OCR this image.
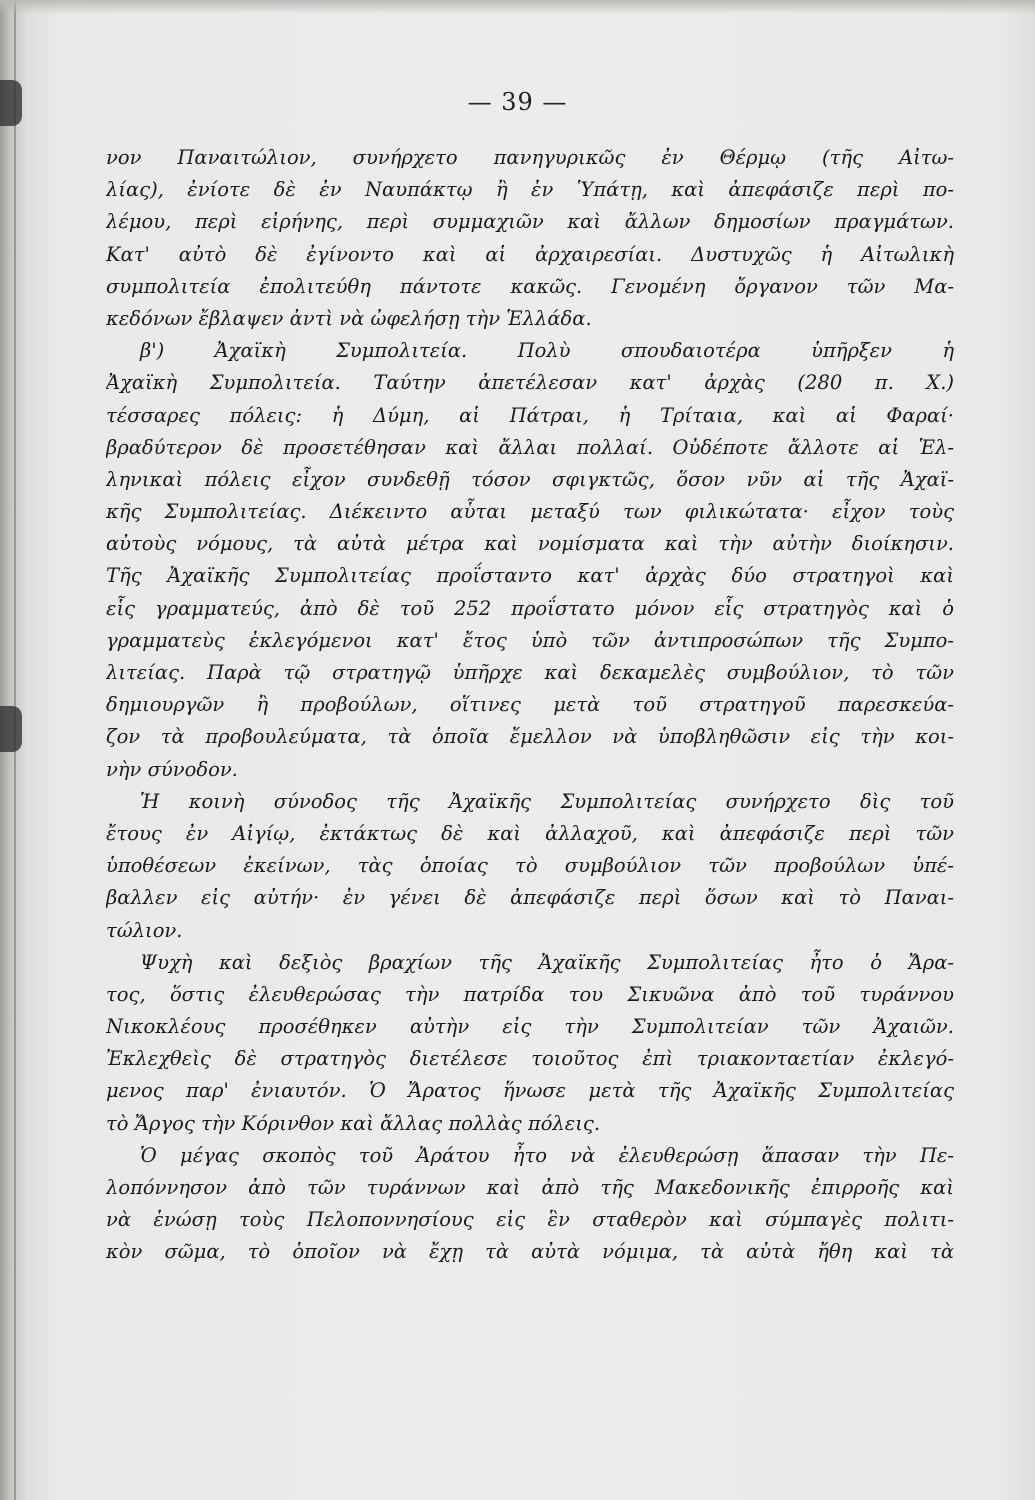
— 39 —
νον Παναιτώλιον, συνήρχετο πανηγυρικῶς ἐν Θέρμῳ (τῆς Αἰτω-
λίας), ἐνίοτε δὲ ἐν Ναυπάκτῳ ἢ ἐν Ὑπάτῃ, καὶ ἀπεφάσιζε περὶ πο-
λέμου, περὶ εἰρήνης, περὶ συμμαχιῶν καὶ ἄλλων δημοσίων πραγμάτων.
Κατ' αὐτὸ δὲ ἐγίνοντο καὶ αἱ ἀρχαιρεσίαι. Δυστυχῶς ἡ Αἰτωλικὴ
συμπολιτεία ἐπολιτεύθη πάντοτε κακῶς. Γενομένη ὄργανον τῶν Μα-
κεδόνων ἔβλαψεν ἀντὶ νὰ ὠφελήσῃ τὴν Ἑλλάδα.
β') Ἀχαϊκὴ Συμπολιτεία. Πολὺ σπουδαιοτέρα ὑπῆρξεν ἡ
Ἀχαϊκὴ Συμπολιτεία. Ταύτην ἀπετέλεσαν κατ' ἀρχὰς (280 π. Χ.)
τέσσαρες πόλεις: ἡ Δύμη, αἱ Πάτραι, ἡ Τρίταια, καὶ αἱ Φαραί·
βραδύτερον δὲ προσετέθησαν καὶ ἄλλαι πολλαί. Οὐδέποτε ἄλλοτε αἱ Ἑλ-
ληνικαὶ πόλεις εἶχον συνδεθῇ τόσον σφιγκτῶς, ὅσον νῦν αἱ τῆς Ἀχαϊ-
κῆς Συμπολιτείας. Διέκειντο αὗται μεταξύ των φιλικώτατα· εἶχον τοὺς
αὐτοὺς νόμους, τὰ αὐτὰ μέτρα καὶ νομίσματα καὶ τὴν αὐτὴν διοίκησιν.
Τῆς Ἀχαϊκῆς Συμπολιτείας προΐσταντο κατ' ἀρχὰς δύο στρατηγοὶ καὶ
εἷς γραμματεύς, ἀπὸ δὲ τοῦ 252 προΐστατο μόνον εἷς στρατηγὸς καὶ ὁ
γραμματεὺς ἐκλεγόμενοι κατ' ἔτος ὑπὸ τῶν ἀντιπροσώπων τῆς Συμπο-
λιτείας. Παρὰ τῷ στρατηγῷ ὑπῆρχε καὶ δεκαμελὲς συμβούλιον, τὸ τῶν
δημιουργῶν ἢ προβούλων, οἵτινες μετὰ τοῦ στρατηγοῦ παρεσκεύα-
ζον τὰ προβουλεύματα, τὰ ὁποῖα ἔμελλον νὰ ὑποβληθῶσιν εἰς τὴν κοι-
νὴν σύνοδον.
Ἡ κοινὴ σύνοδος τῆς Ἀχαϊκῆς Συμπολιτείας συνήρχετο δὶς τοῦ
ἔτους ἐν Αἰγίῳ, ἐκτάκτως δὲ καὶ ἀλλαχοῦ, καὶ ἀπεφάσιζε περὶ τῶν
ὑποθέσεων ἐκείνων, τὰς ὁποίας τὸ συμβούλιον τῶν προβούλων ὑπέ-
βαλλεν εἰς αὐτήν· ἐν γένει δὲ ἀπεφάσιζε περὶ ὅσων καὶ τὸ Παναι-
τώλιον.
Ψυχὴ καὶ δεξιὸς βραχίων τῆς Ἀχαϊκῆς Συμπολιτείας ἦτο ὁ Ἄρα-
τος, ὅστις ἐλευθερώσας τὴν πατρίδα του Σικυῶνα ἀπὸ τοῦ τυράννου
Νικοκλέους προσέθηκεν αὐτὴν εἰς τὴν Συμπολιτείαν τῶν Ἀχαιῶν.
Ἐκλεχθεὶς δὲ στρατηγὸς διετέλεσε τοιοῦτος ἐπὶ τριακονταετίαν ἐκλεγό-
μενος παρ' ἐνιαυτόν. Ὁ Ἄρατος ἥνωσε μετὰ τῆς Ἀχαϊκῆς Συμπολιτείας
τὸ Ἄργος τὴν Κόρινθον καὶ ἄλλας πολλὰς πόλεις.
Ὁ μέγας σκοπὸς τοῦ Ἀράτου ἦτο νὰ ἐλευθερώσῃ ἅπασαν τὴν Πε-
λοπόννησον ἀπὸ τῶν τυράννων καὶ ἀπὸ τῆς Μακεδονικῆς ἐπιρροῆς καὶ
νὰ ἑνώσῃ τοὺς Πελοποννησίους εἰς ἓν σταθερὸν καὶ σύμπαγὲς πολιτι-
κὸν σῶμα, τὸ ὁποῖον νὰ ἔχῃ τὰ αὐτὰ νόμιμα, τὰ αὐτὰ ἤθη καὶ τὰ
